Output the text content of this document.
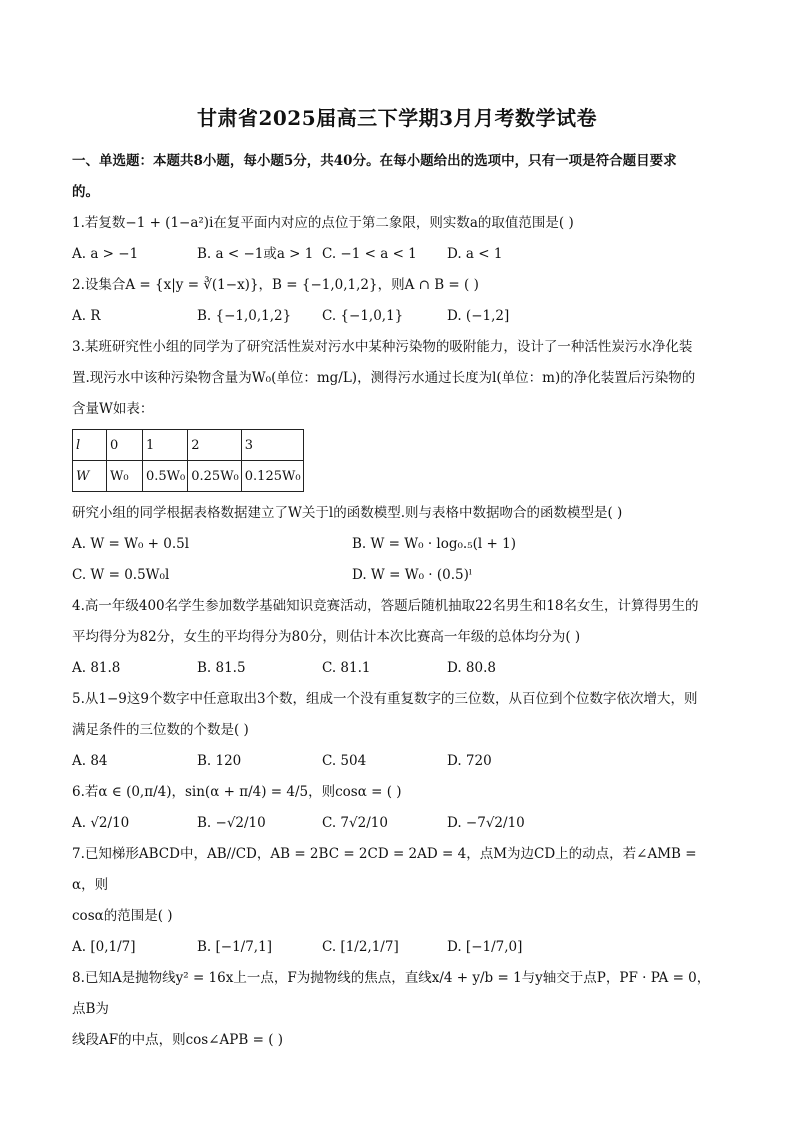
甘肃省2025届高三下学期3月月考数学试卷

一、单选题：本题共8小题，每小题5分，共40分。在每小题给出的选项中，只有一项是符合题目要求

的。

1.若复数−1 + (1−a²)i在复平面内对应的点位于第二象限，则实数a的取值范围是( )

A. a > −1	B. a < −1或a > 1 C. −1 < a < 1	D. a < 1

2.设集合A = {x|y = ∛(1−x)}，B = {−1,0,1,2}，则A ∩ B = ( )

A. R	B. {−1,0,1,2}	C. {−1,0,1}	D. (−1,2]

3.某班研究性小组的同学为了研究活性炭对污水中某种污染物的吸附能力，设计了一种活性炭污水净化装

置.现污水中该种污染物含量为W₀(单位：mg/L)，测得污水通过长度为l(单位：m)的净化装置后污染物的

含量W如表：

l	0	1	2	3
W	W₀	0.5W₀	0.25W₀	0.125W₀

研究小组的同学根据表格数据建立了W关于l的函数模型.则与表格中数据吻合的函数模型是( )

A. W = W₀ + 0.5l	B. W = W₀ · log₀.₅(l + 1)
C. W = 0.5W₀l	D. W = W₀ · (0.5)ˡ

4.高一年级400名学生参加数学基础知识竞赛活动，答题后随机抽取22名男生和18名女生，计算得男生的

平均得分为82分，女生的平均得分为80分，则估计本次比赛高一年级的总体均分为( )

A. 81.8	B. 81.5	C. 81.1	D. 80.8

5.从1−9这9个数字中任意取出3个数，组成一个没有重复数字的三位数，从百位到个位数字依次增大，则

满足条件的三位数的个数是( )

A. 84	B. 120	C. 504	D. 720

6.若α ∈ (0,π/4)，sin(α + π/4) = 4/5，则cosα = ( )

A. √2/10	B. −√2/10	C. 7√2/10	D. −7√2/10

7.已知梯形ABCD中，AB//CD，AB = 2BC = 2CD = 2AD = 4，点M为边CD上的动点，若∠AMB = α，则

cosα的范围是( )

A. [0,1/7]	B. [−1/7,1]	C. [1/2,1/7]	D. [−1/7,0]

8.已知A是抛物线y² = 16x上一点，F为抛物线的焦点，直线x/4 + y/b = 1与y轴交于点P，PF · PA = 0，点B为

线段AF的中点，则cos∠APB = ( )
